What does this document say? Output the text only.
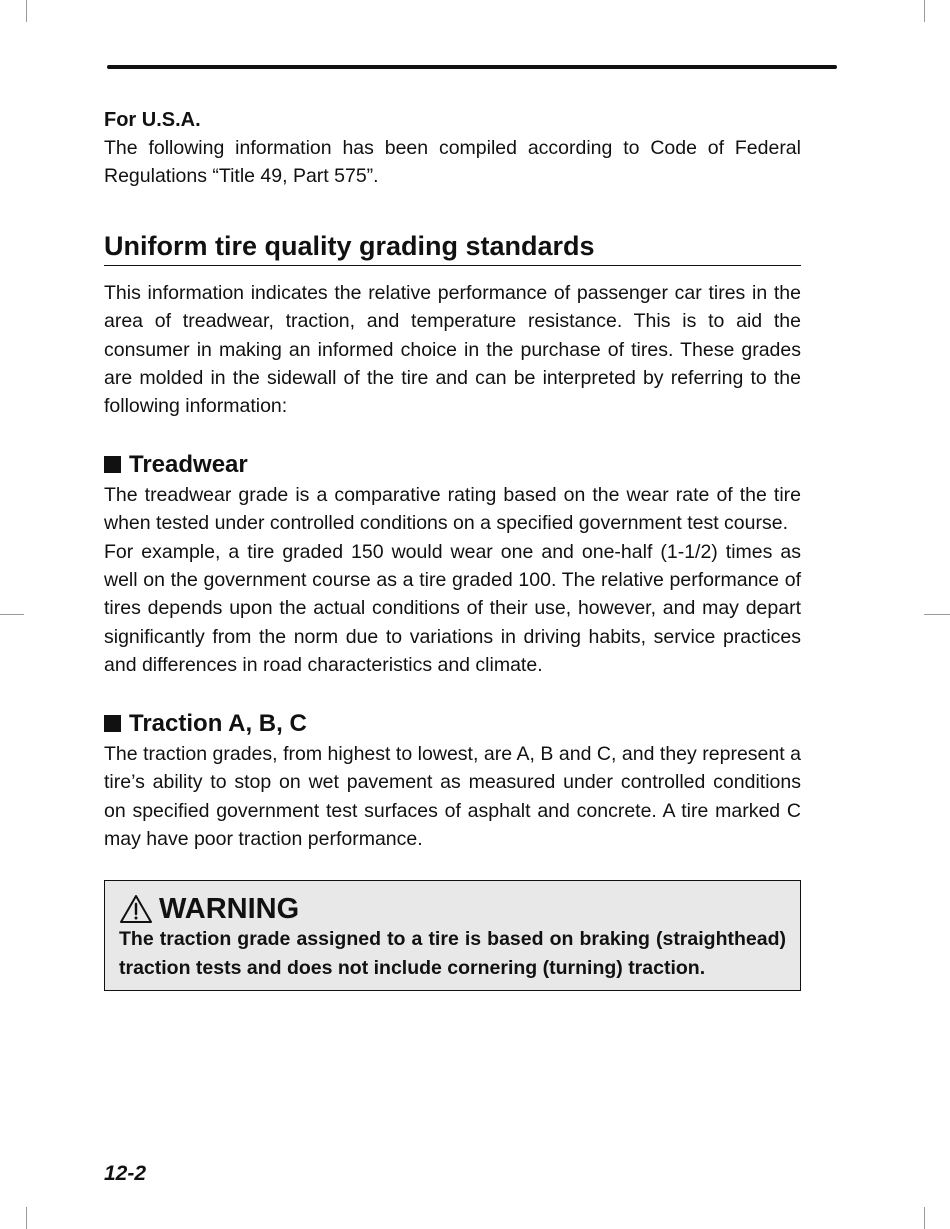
For U.S.A.

The following information has been compiled according to Code of Federal Regulations “Title 49, Part 575”.

Uniform tire quality grading standards

This information indicates the relative performance of passenger car tires in the area of treadwear, traction, and temperature resistance. This is to aid the consumer in making an informed choice in the purchase of tires. These grades are molded in the sidewall of the tire and can be interpreted by referring to the following information:

Treadwear

The treadwear grade is a comparative rating based on the wear rate of the tire when tested under controlled conditions on a specified government test course.

For example, a tire graded 150 would wear one and one-half (1-1/2) times as well on the government course as a tire graded 100. The relative performance of tires depends upon the actual conditions of their use, however, and may depart significantly from the norm due to variations in driving habits, service practices and differences in road characteristics and climate.

Traction A, B, C

The traction grades, from highest to lowest, are A, B and C, and they represent a tire’s ability to stop on wet pavement as measured under controlled conditions on specified government test surfaces of asphalt and concrete. A tire marked C may have poor traction performance.

WARNING
The traction grade assigned to a tire is based on braking (straighthead) traction tests and does not include cornering (turning) traction.
12-2
